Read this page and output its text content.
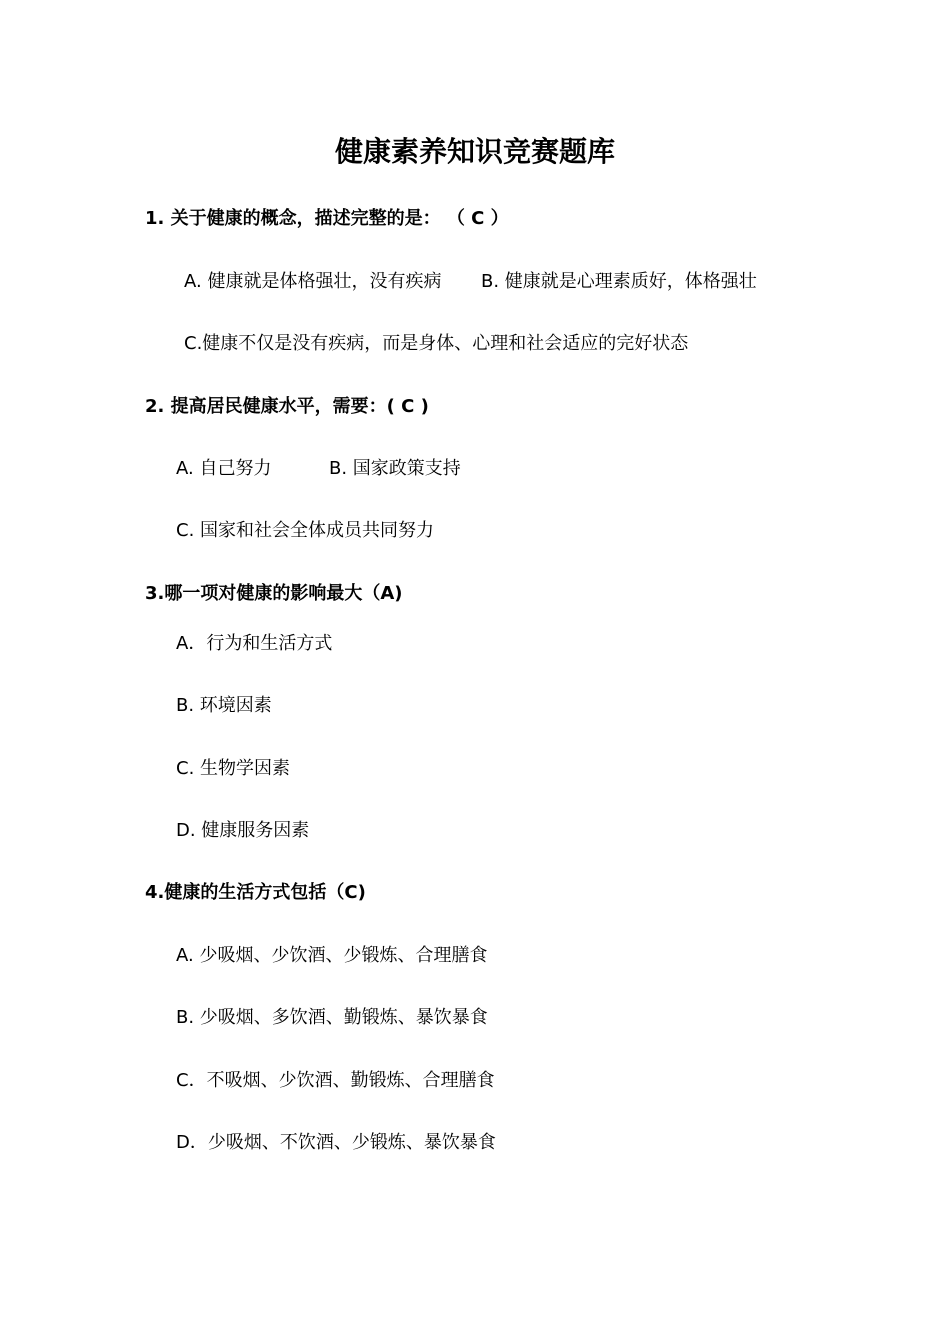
健康素养知识竞赛题库
1. 关于健康的概念，描述完整的是： （ C ）
A. 健康就是体格强壮，没有疾病 B. 健康就是心理素质好，体格强壮
C.健康不仅是没有疾病，而是身体、心理和社会适应的完好状态
2. 提高居民健康水平，需要：( C )
A. 自己努力	B. 国家政策支持
C. 国家和社会全体成员共同努力
3.哪一项对健康的影响最大（A)
A．行为和生活方式
B. 环境因素
C. 生物学因素
D. 健康服务因素
4.健康的生活方式包括（C)
A. 少吸烟、少饮酒、少锻炼、合理膳食
B. 少吸烟、多饮酒、勤锻炼、暴饮暴食
C．不吸烟、少饮酒、勤锻炼、合理膳食
D．少吸烟、不饮酒、少锻炼、暴饮暴食
